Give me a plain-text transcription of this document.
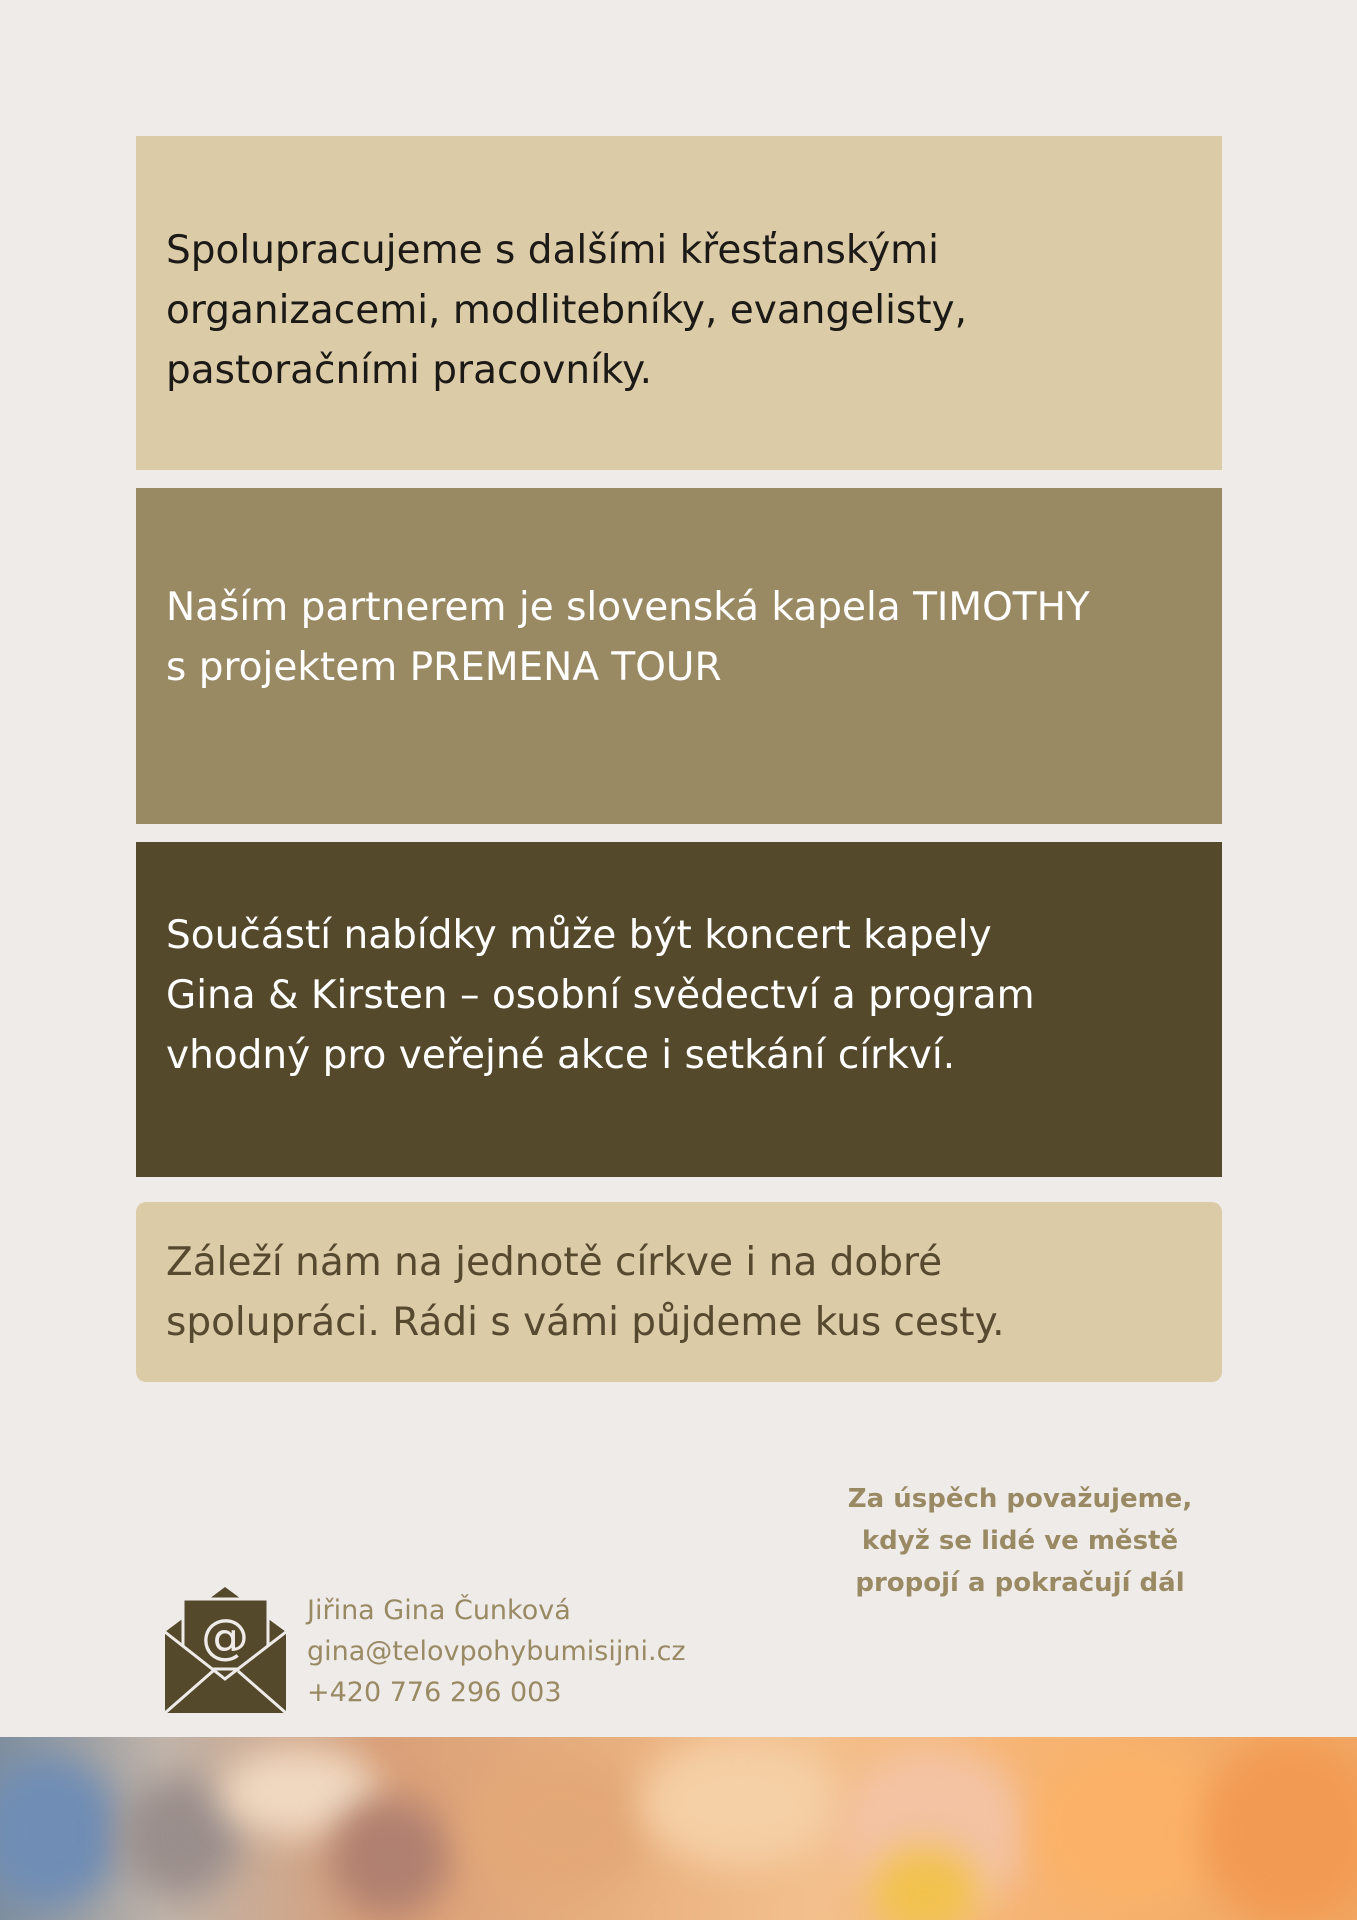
Spolupracujeme s dalšími křesťanskými

organizacemi, modlitebníky, evangelisty,

pastoračními pracovníky.

Naším partnerem je slovenská kapela TIMOTHY

s projektem PREMENA TOUR

Součástí nabídky může být koncert kapely

Gina & Kirsten – osobní svědectví a program

vhodný pro veřejné akce i setkání církví.

Záleží nám na jednotě církve i na dobré

spolupráci. Rádi s vámi půjdeme kus cesty.

Za úspěch považujeme,
když se lidé ve městě
propojí a pokračují dál
@ Jiřina Gina Čunková
gina@telovpohybumisijni.cz
+420 776 296 003
